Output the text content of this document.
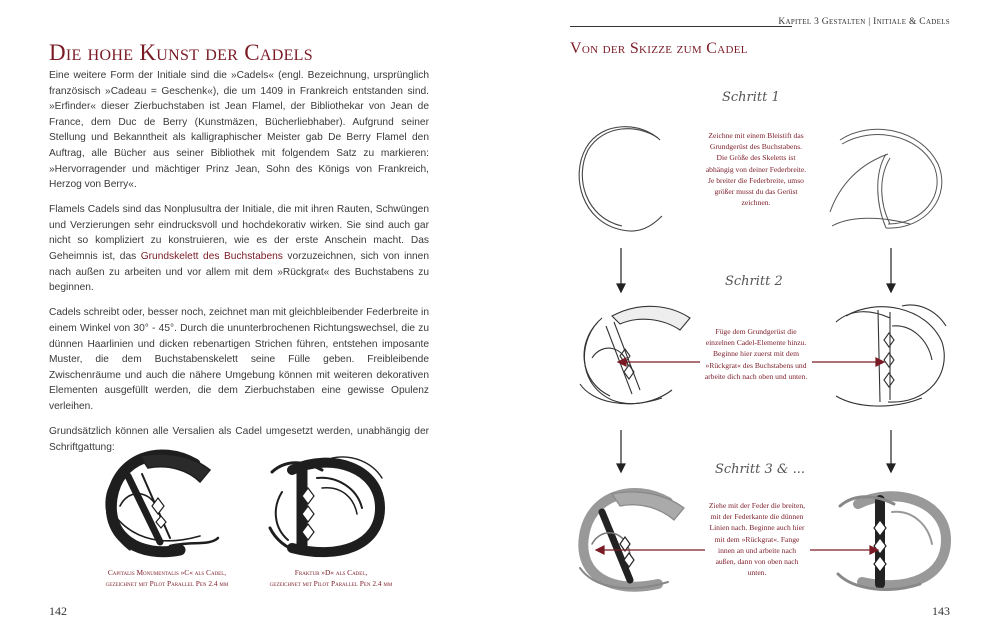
Die hohe Kunst der Cadels

Eine weitere Form der Initiale sind die »Cadels« (engl. Bezeichnung, ursprünglich französisch »Cadeau = Geschenk«), die um 1409 in Frankreich entstanden sind. »Erfinder« dieser Zierbuchstaben ist Jean Flamel, der Bibliothekar von Jean de France, dem Duc de Berry (Kunstmäzen, Bücherliebhaber). Aufgrund seiner Stellung und Bekanntheit als kalligraphischer Meister gab De Berry Flamel den Auftrag, alle Bücher aus seiner Bibliothek mit folgendem Satz zu markieren: »Hervorragender und mächtiger Prinz Jean, Sohn des Königs von Frankreich, Herzog von Berry«.

Flamels Cadels sind das Nonplusultra der Initiale, die mit ihren Rauten, Schwüngen und Verzierungen sehr eindrucksvoll und hochdekorativ wirken. Sie sind auch gar nicht so kompliziert zu konstruieren, wie es der erste Anschein macht. Das Geheimnis ist, das Grundskelett des Buchstabens vorzuzeichnen, sich von innen nach außen zu arbeiten und vor allem mit dem »Rückgrat« des Buchstabens zu beginnen.

Cadels schreibt oder, besser noch, zeichnet man mit gleichbleibender Federbreite in einem Winkel von 30° - 45°. Durch die ununterbrochenen Richtungswechsel, die zu dünnen Haarlinien und dicken rebenartigen Strichen führen, entstehen imposante Muster, die dem Buchstabenskelett seine Fülle geben. Freibleibende Zwischenräume und auch die nähere Umgebung können mit weiteren dekorativen Elementen ausgefüllt werden, die dem Zierbuchstaben eine gewisse Opulenz verleihen.

Grundsätzlich können alle Versalien als Cadel umgesetzt werden, unabhängig der Schriftgattung:

Capitalis Monumentalis »C« als Cadel,
gezeichnet mit Pilot Parallel Pen 2.4 mm
Fraktur »D« als Cadel,
gezeichnet mit Pilot Parallel Pen 2.4 mm
142
Kapitel 3 Gestalten | Initiale & Cadels
Von der Skizze zum Cadel
Schritt 1
Schritt 2
Schritt 3 & ...
Zeichne mit einem Bleistift das Grundgerüst des Buchstabens. Die Größe des Skeletts ist abhängig von deiner Federbreite. Je breiter die Federbreite, umso größer musst du das Gerüst zeichnen.
Füge dem Grundgerüst die einzelnen Cadel-Elemente hinzu. Beginne hier zuerst mit dem »Rückgrat« des Buchstabens und arbeite dich nach oben und unten.
Ziehe mit der Feder die breiten, mit der Federkante die dünnen Linien nach. Beginne auch hier mit dem »Rückgrat«. Fange innen an und arbeite nach außen, dann von oben nach unten.
143
